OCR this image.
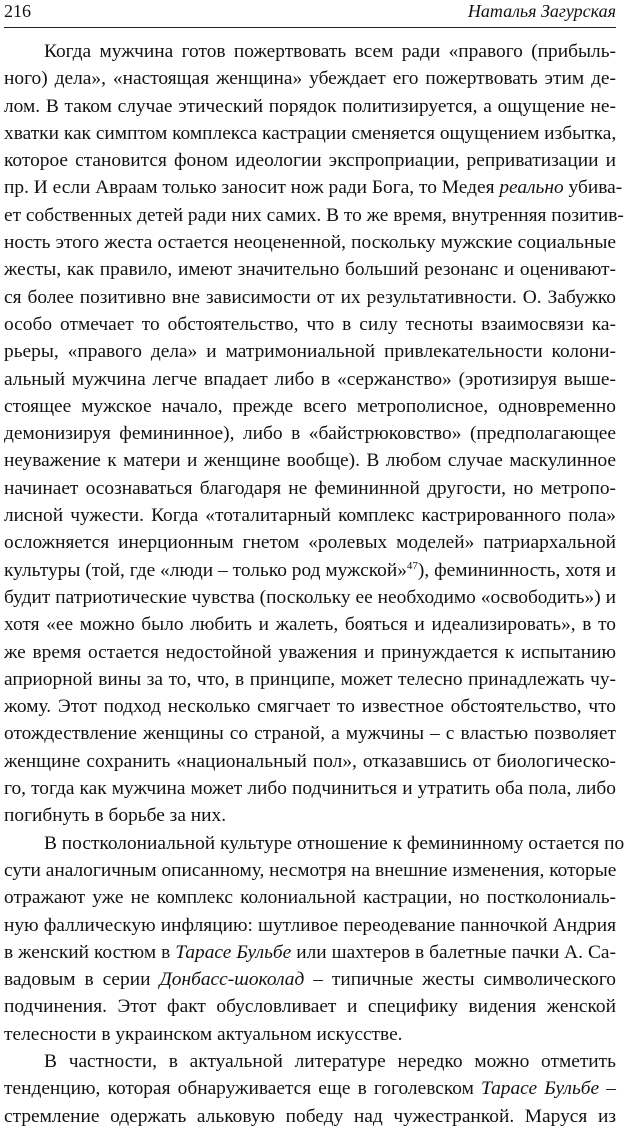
216	Наталья Загурская
Когда мужчина готов пожертвовать всем ради «правого (прибыль-
ного) дела», «настоящая женщина» убеждает его пожертвовать этим де-
лом. В таком случае этический порядок политизируется, а ощущение не-
хватки как симптом комплекса кастрации сменяется ощущением избытка,
которое становится фоном идеологии экспроприации, реприватизации и
пр. И если Авраам только заносит нож ради Бога, то Медея реально убива-
ет собственных детей ради них самих. В то же время, внутренняя позитив-
ность этого жеста остается неоцененной, поскольку мужские социальные
жесты, как правило, имеют значительно больший резонанс и оценивают-
ся более позитивно вне зависимости от их результативности. О. Забужко
особо отмечает то обстоятельство, что в силу тесноты взаимосвязи ка-
рьеры, «правого дела» и матримониальной привлекательности колони-
альный мужчина легче впадает либо в «сержанство» (эротизируя выше-
стоящее мужское начало, прежде всего метрополисное, одновременно
демонизируя фемининное), либо в «байстрюковство» (предполагающее
неуважение к матери и женщине вообще). В любом случае маскулинное
начинает осознаваться благодаря не фемининной другости, но метропо-
лисной чужести. Когда «тоталитарный комплекс кастрированного пола»
осложняется инерционным гнетом «ролевых моделей» патриархальной
культуры (той, где «люди – только род мужской»$^{47}$), фемининность, хотя и
будит патриотические чувства (поскольку ее необходимо «освободить») и
хотя «ее можно было любить и жалеть, бояться и идеализировать», в то
же время остается недостойной уважения и принуждается к испытанию
априорной вины за то, что, в принципе, может телесно принадлежать чу-
жому. Этот подход несколько смягчает то известное обстоятельство, что
отождествление женщины со страной, а мужчины – с властью позволяет
женщине сохранить «национальный пол», отказавшись от биологическо-
го, тогда как мужчина может либо подчиниться и утратить оба пола, либо
погибнуть в борьбе за них.
В постколониальной культуре отношение к фемининному остается по
сути аналогичным описанному, несмотря на внешние изменения, которые
отражают уже не комплекс колониальной кастрации, но постколониаль-
ную фаллическую инфляцию: шутливое переодевание панночкой Андрия
в женский костюм в Тарасе Бульбе или шахтеров в балетные пачки А. Са-
вадовым в серии Донбасс-шоколад – типичные жесты символического
подчинения. Этот факт обусловливает и специфику видения женской
телесности в украинском актуальном искусстве.
В частности, в актуальной литературе нередко можно отметить
тенденцию, которая обнаруживается еще в гоголевском Тарасе Бульбе –
стремление одержать альковую победу над чужестранкой. Маруся из
